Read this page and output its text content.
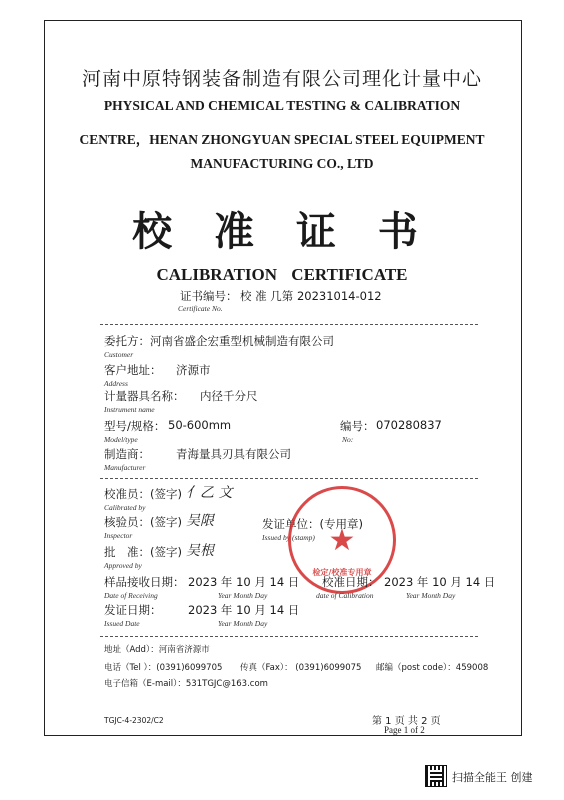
河南中原特钢装备制造有限公司理化计量中心
PHYSICAL AND CHEMICAL TESTING & CALIBRATION
CENTRE，HENAN ZHONGYUAN SPECIAL STEEL EQUIPMENT
MANUFACTURING CO., LTD
校 准 证 书
CALIBRATION CERTIFICATE
证书编号： 校 准 几第 20231014-012
Certificate No.
委托方： 河南省盛企宏重型机械制造有限公司
Customer
客户地址： 济源市
Address
计量器具名称： 内径千分尺
Instrument name
型号/规格： 50-600mm
Model/type
编号： 070280837
No:
制造商： 青海量具刃具有限公司
Manufacturer
校准员：(签字) 亻乙 文
Calibrated by
核验员：(签字) 吴限
Inspector
发证单位：(专用章)
Issued by (stamp)
批　准：(签字) 吴根
Approved by
★
检定/校准专用章
样品接收日期： 2023 年 10 月 14 日
Date of Receiving	Year Month Day
校准日期： 2023 年 10 月 14 日
date of Calibration	Year Month Day
发证日期： 2023 年 10 月 14 日
Issued Date	Year Month Day
地址（Add）：河南省济源市
电话（Tel ）：(0391)6099705 传真（Fax）： (0391)6099075 邮编（post code）：459008
电子信箱（E-mail）：531TGJC@163.com
TGJC-4-2302/C2	第 1 页 共 2 页
Page 1 of 2
扫描全能王 创建
